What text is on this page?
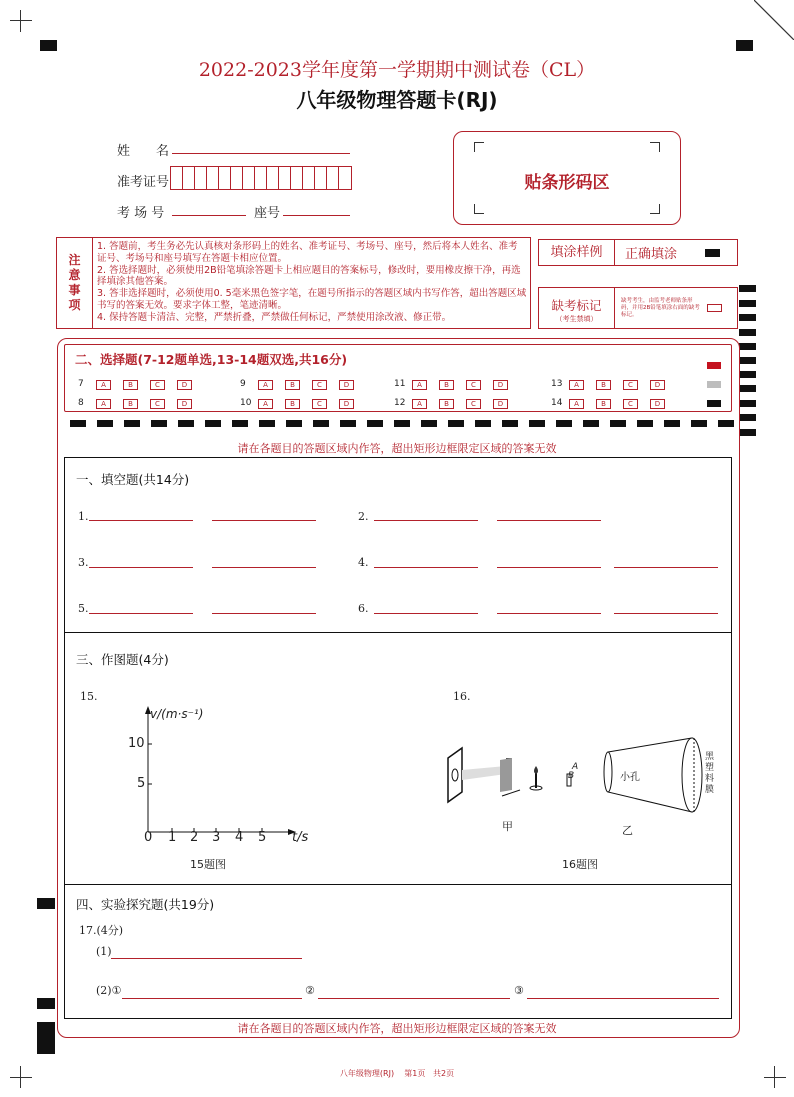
2022-2023学年度第一学期期中测试卷（CL）
八年级物理答题卡(RJ)
姓　　名
准考证号
考 场 号	座号
贴条形码区
注
意
事
项
1. 答题前，考生务必先认真核对条形码上的姓名、准考证号、考场号、座号，然后将本人姓名、准考证号、考场号和座号填写在答题卡相应位置。
2. 答选择题时，必须使用2B铅笔填涂答题卡上相应题目的答案标号，修改时，要用橡皮擦干净，再选择填涂其他答案。
3. 答非选择题时，必须使用0. 5毫米黑色签字笔，在题号所指示的答题区域内书写作答，超出答题区域书写的答案无效。要求字体工整，笔迹清晰。
4. 保持答题卡清洁、完整，严禁折叠，严禁做任何标记，严禁使用涂改液、修正带。
填涂样例	正确填涂
缺考标记
（考生禁填）
缺考考生，由监考老师贴条形码，并用2B铅笔填涂右面的缺考标记。
二、选择题(7-12题单选,13-14题双选,共16分)
7	A	B	C	D
8	A	B	C	D
9	A	B	C	D
10	A	B	C	D
11	A	B	C	D
12	A	B	C	D
13	A	B	C	D
14	A	B	C	D
请在各题目的答题区域内作答，超出矩形边框限定区域的答案无效
一、填空题(共14分)
1.	2.
3.	4.
5.	6.
三、作图题(4分)
15.	16.
v/(m·s⁻¹)
10
5
0 1 2 3 4 5 t/s
15题图
A
B	小孔
黑
塑
料
膜
甲	乙
16题图
四、实验探究题(共19分)
17.(4分)
(1)
(2)①	②	③
请在各题目的答题区域内作答，超出矩形边框限定区域的答案无效
八年级物理(RJ) 第1页 共2页
